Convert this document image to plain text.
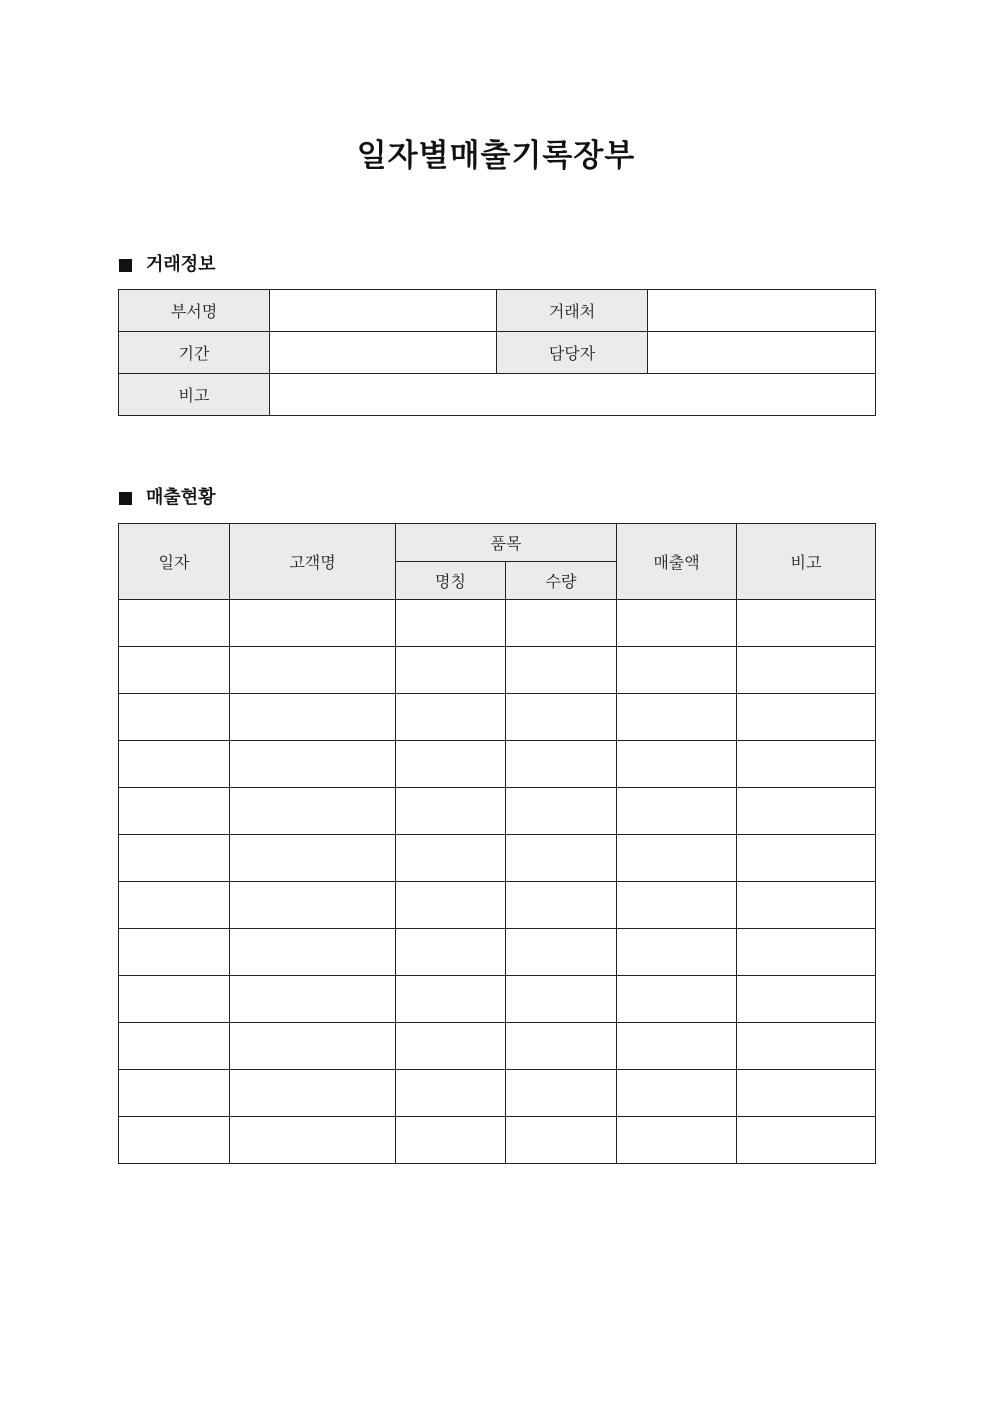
일자별매출기록장부
거래정보
부서명		거래처	
기간		담당자	
비고			
매출현황
일자	고객명	품목		매출액	비고
		명칭	수량		
